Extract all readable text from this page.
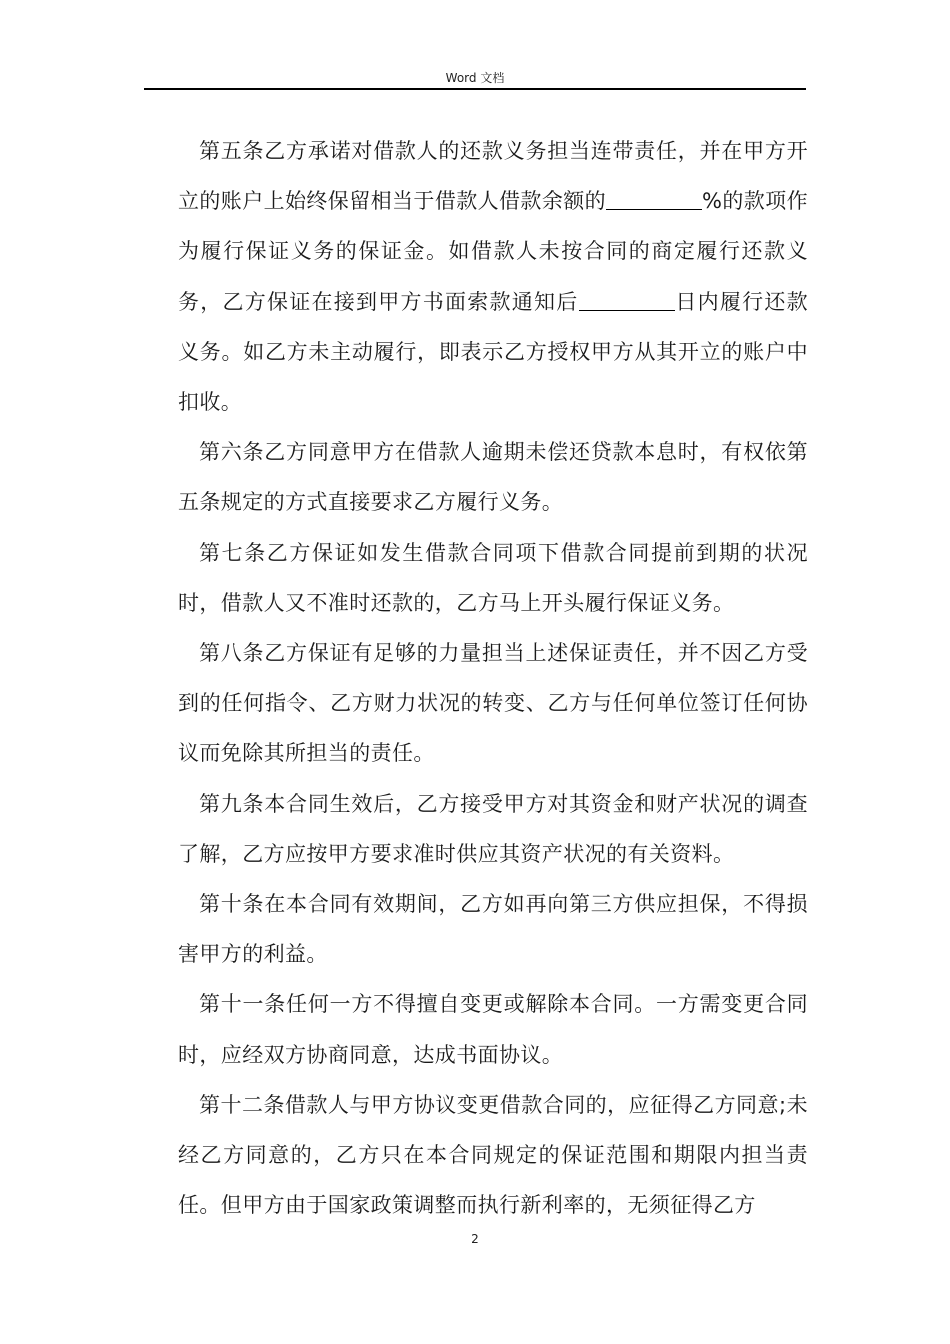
Word 文档

第五条乙方承诺对借款人的还款义务担当连带责任，并在甲方开立的账户上始终保留相当于借款人借款余额的	%的款项作为履行保证义务的保证金。如借款人未按合同的商定履行还款义务，乙方保证在接到甲方书面索款通知后	日内履行还款义务。如乙方未主动履行，即表示乙方授权甲方从其开立的账户中扣收。

第六条乙方同意甲方在借款人逾期未偿还贷款本息时，有权依第五条规定的方式直接要求乙方履行义务。

第七条乙方保证如发生借款合同项下借款合同提前到期的状况时，借款人又不准时还款的，乙方马上开头履行保证义务。

第八条乙方保证有足够的力量担当上述保证责任，并不因乙方受到的任何指令、乙方财力状况的转变、乙方与任何单位签订任何协议而免除其所担当的责任。

第九条本合同生效后，乙方接受甲方对其资金和财产状况的调查了解，乙方应按甲方要求准时供应其资产状况的有关资料。

第十条在本合同有效期间，乙方如再向第三方供应担保，不得损害甲方的利益。

第十一条任何一方不得擅自变更或解除本合同。一方需变更合同时，应经双方协商同意，达成书面协议。

第十二条借款人与甲方协议变更借款合同的，应征得乙方同意;未经乙方同意的，乙方只在本合同规定的保证范围和期限内担当责任。但甲方由于国家政策调整而执行新利率的，无须征得乙方

2
